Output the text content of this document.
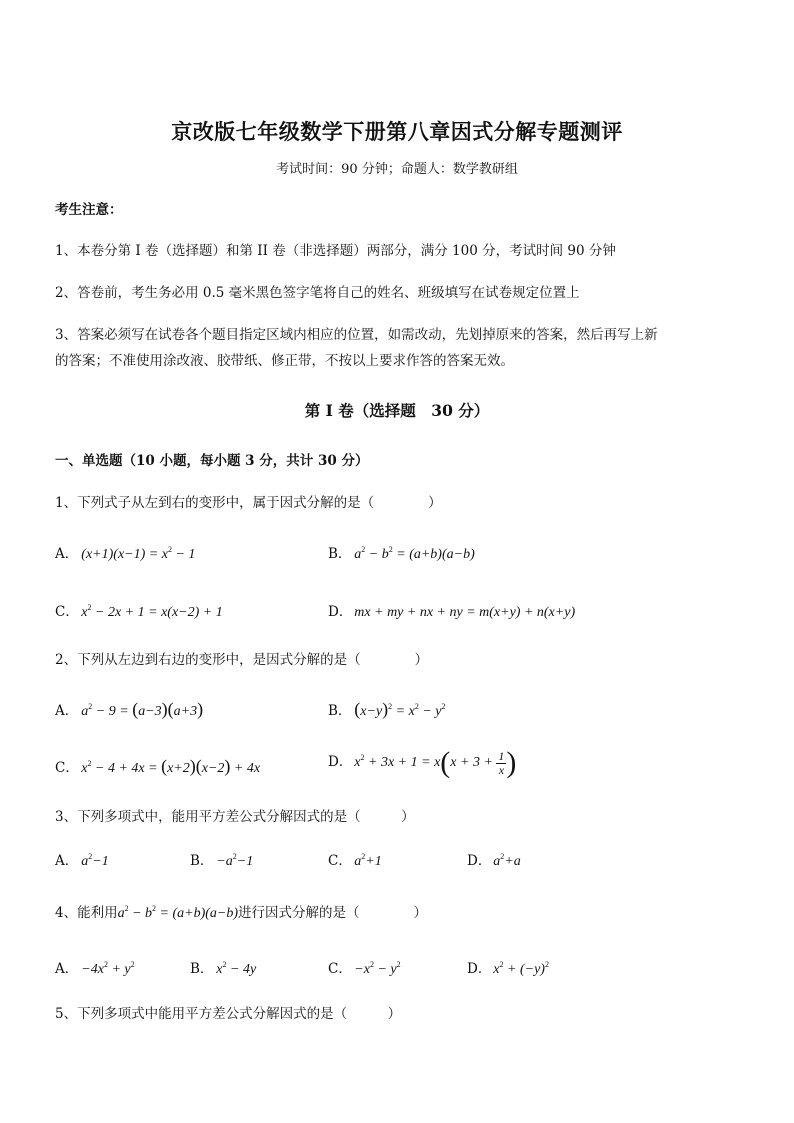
京改版七年级数学下册第八章因式分解专题测评
考试时间：90 分钟；命题人：数学教研组
考生注意：
1、本卷分第 I 卷（选择题）和第 II 卷（非选择题）两部分，满分 100 分，考试时间 90 分钟
2、答卷前，考生务必用 0.5 毫米黑色签字笔将自己的姓名、班级填写在试卷规定位置上
3、答案必须写在试卷各个题目指定区域内相应的位置，如需改动，先划掉原来的答案，然后再写上新
的答案；不准使用涂改液、胶带纸、修正带，不按以上要求作答的答案无效。
第 I 卷（选择题　30 分）
一、单选题（10 小题，每小题 3 分，共计 30 分）
1、下列式子从左到右的变形中，属于因式分解的是（　　　　）
A． $(x+1)(x-1) = x^2 - 1$	B． $a^2 - b^2 = (a+b)(a-b)$
C． $x^2 - 2x + 1 = x(x-2) + 1$	D． mx + my + nx + ny = m(x+y) + n(x+y)
2、下列从左边到右边的变形中，是因式分解的是（　　　　）
A． $a^2 - 9 = (a-3)(a+3)$	B． $(x-y)^2 = x^2 - y^2$
C． $x^2 - 4 + 4x = (x+2)(x-2) + 4x$	D． $x^2 + 3x + 1 = x(x + 3 + \frac{1}{x}$ )
3、下列多项式中，能用平方差公式分解因式的是（　　　）
A． $a^2-1$	B． $-a^2-1$	C． $a^2+1$	D． $a^2+a$
4、能利用$a^2 - b^2 = (a+b)(a-b)$进行因式分解的是（　　　　）
A． $-4x^2 + y^2$	B． $x^2 - 4y$	C． $-x^2 - y^2$	D． $x^2 + (-y)^2$
5、下列多项式中能用平方差公式分解因式的是（　　　）
